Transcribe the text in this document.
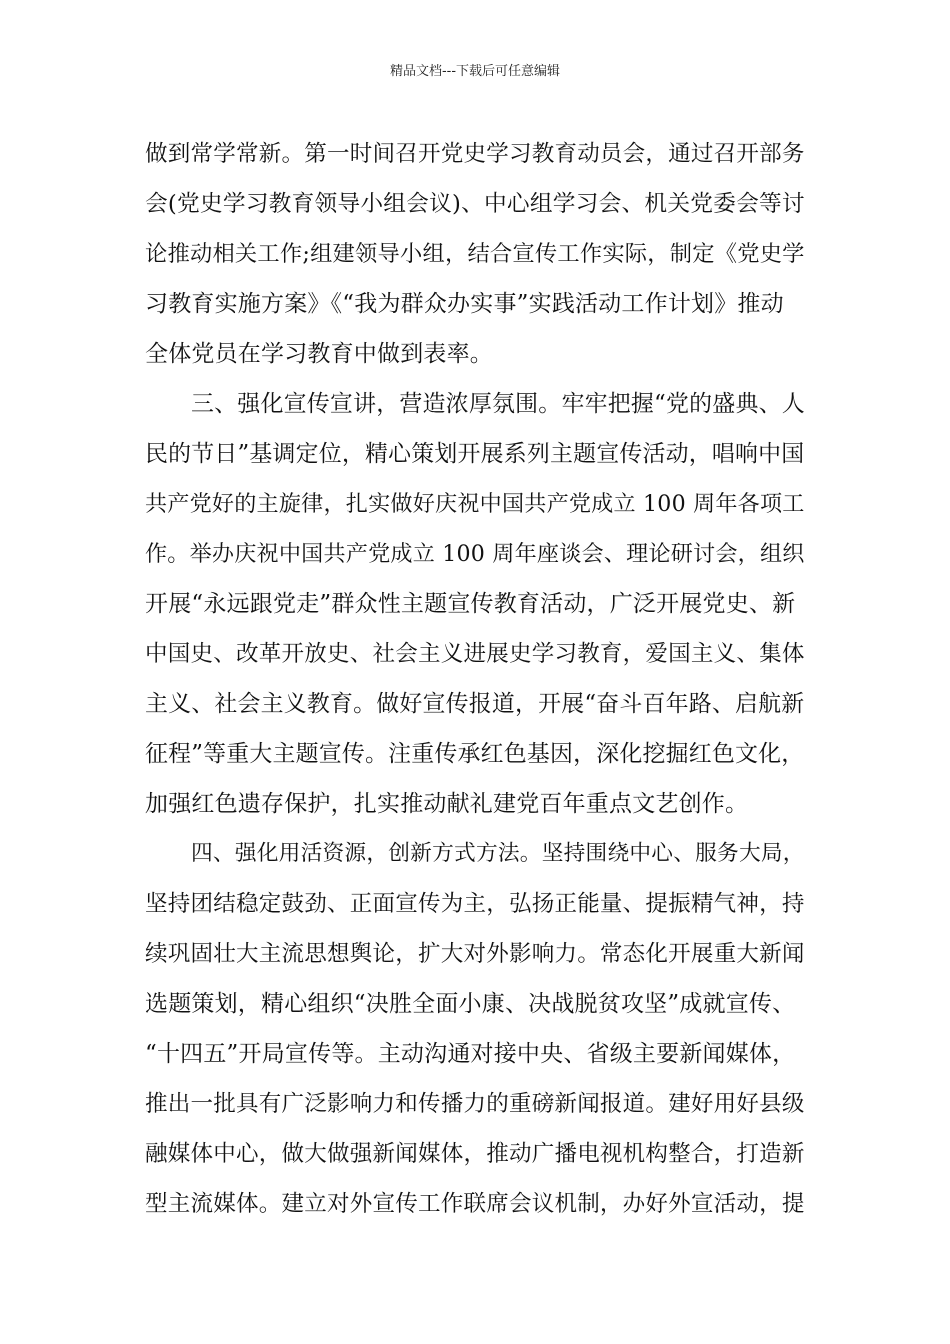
精品文档---下载后可任意编辑
做到常学常新。第一时间召开党史学习教育动员会，通过召开部务
会(党史学习教育领导小组会议)、中心组学习会、机关党委会等讨
论推动相关工作;组建领导小组，结合宣传工作实际，制定《党史学
习教育实施方案》《“我为群众办实事”实践活动工作计划》推动
全体党员在学习教育中做到表率。
三、强化宣传宣讲，营造浓厚氛围。牢牢把握“党的盛典、人
民的节日”基调定位，精心策划开展系列主题宣传活动，唱响中国
共产党好的主旋律，扎实做好庆祝中国共产党成立 100 周年各项工
作。举办庆祝中国共产党成立 100 周年座谈会、理论研讨会，组织
开展“永远跟党走”群众性主题宣传教育活动，广泛开展党史、新
中国史、改革开放史、社会主义进展史学习教育，爱国主义、集体
主义、社会主义教育。做好宣传报道，开展“奋斗百年路、启航新
征程”等重大主题宣传。注重传承红色基因，深化挖掘红色文化，
加强红色遗存保护，扎实推动献礼建党百年重点文艺创作。
四、强化用活资源，创新方式方法。坚持围绕中心、服务大局，
坚持团结稳定鼓劲、正面宣传为主，弘扬正能量、提振精气神，持
续巩固壮大主流思想舆论，扩大对外影响力。常态化开展重大新闻
选题策划，精心组织“决胜全面小康、决战脱贫攻坚”成就宣传、
“十四五”开局宣传等。主动沟通对接中央、省级主要新闻媒体，
推出一批具有广泛影响力和传播力的重磅新闻报道。建好用好县级
融媒体中心，做大做强新闻媒体，推动广播电视机构整合，打造新
型主流媒体。建立对外宣传工作联席会议机制，办好外宣活动，提
